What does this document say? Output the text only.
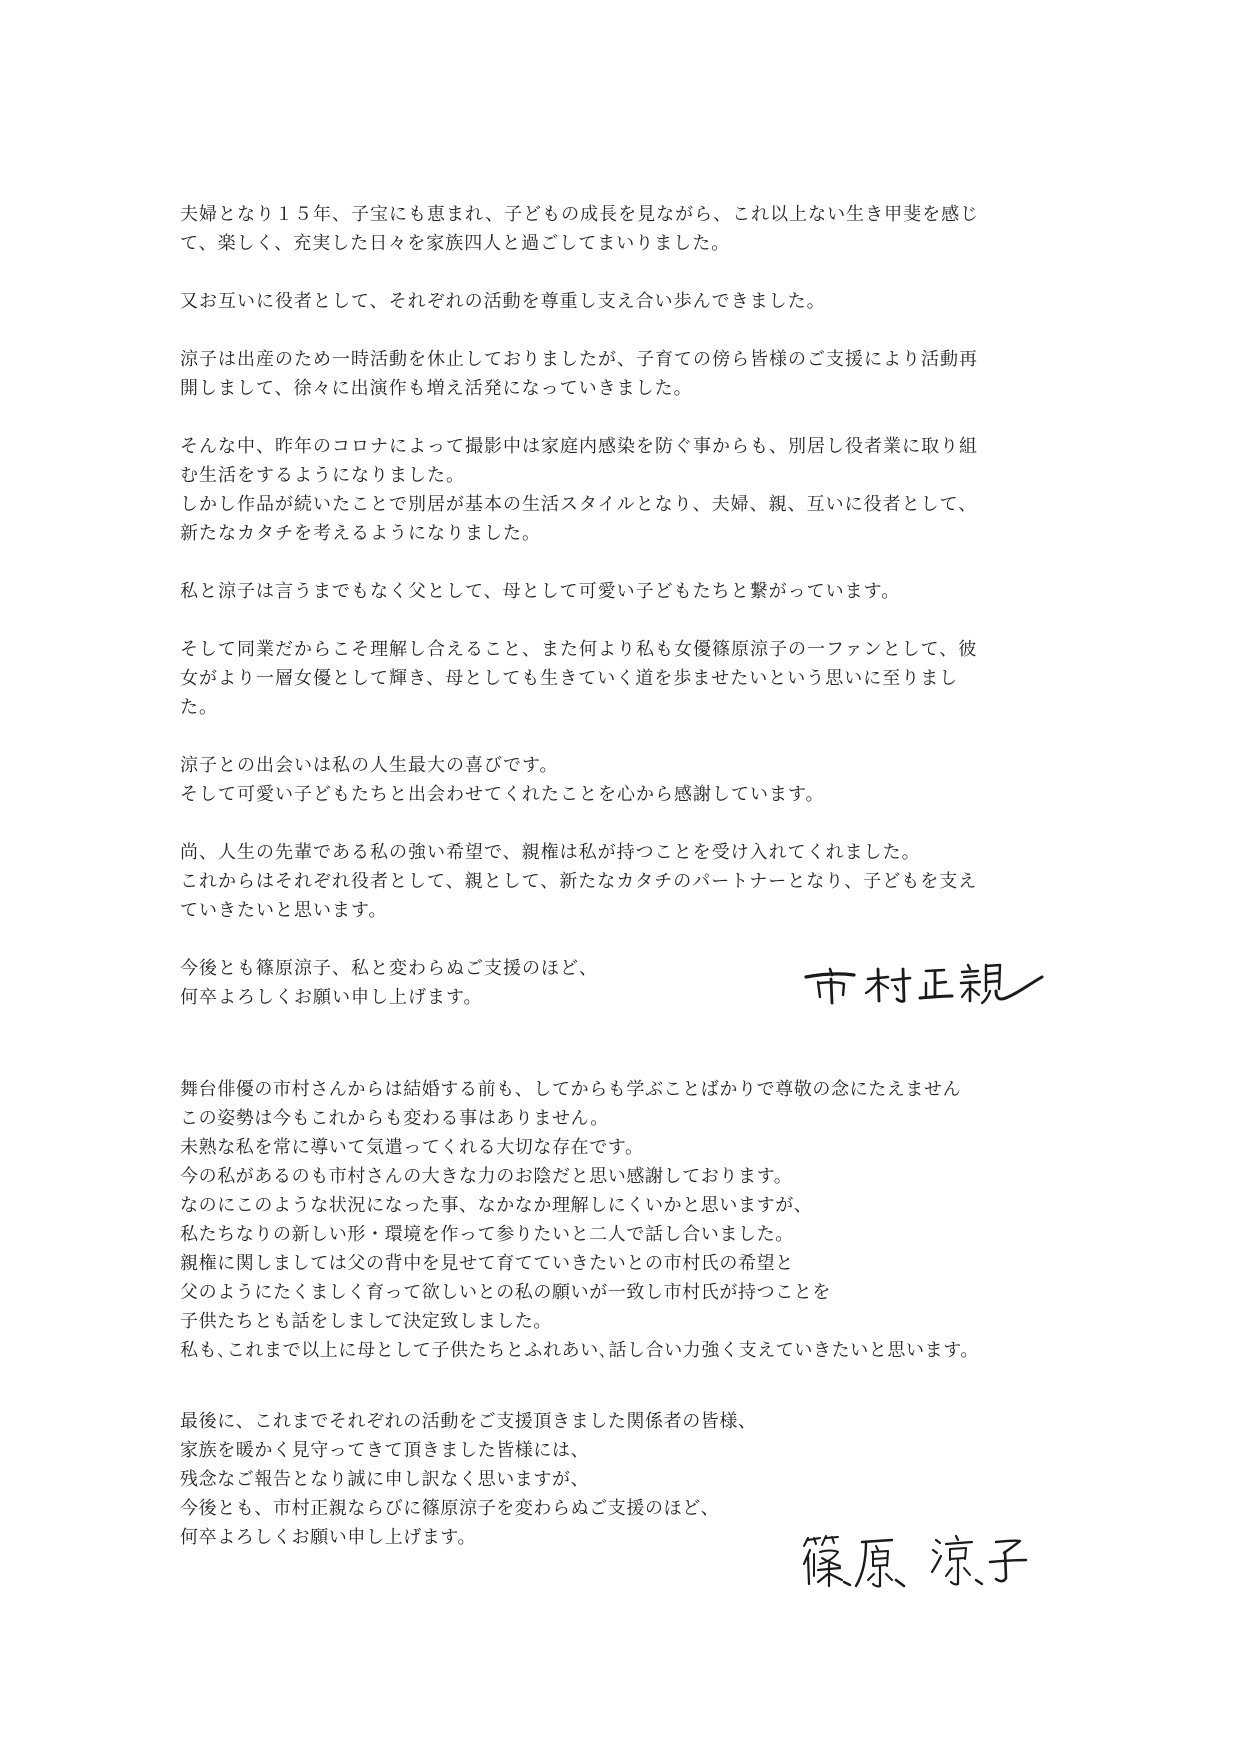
夫婦となり１５年、子宝にも恵まれ、子どもの成長を見ながら、これ以上ない生き甲斐を感じ
て、楽しく、充実した日々を家族四人と過ごしてまいりました。

又お互いに役者として、それぞれの活動を尊重し支え合い歩んできました。

涼子は出産のため一時活動を休止しておりましたが、子育ての傍ら皆様のご支援により活動再
開しまして、徐々に出演作も増え活発になっていきました。

そんな中、昨年のコロナによって撮影中は家庭内感染を防ぐ事からも、別居し役者業に取り組
む生活をするようになりました。
しかし作品が続いたことで別居が基本の生活スタイルとなり、夫婦、親、互いに役者として、
新たなカタチを考えるようになりました。

私と涼子は言うまでもなく父として、母として可愛い子どもたちと繋がっています。

そして同業だからこそ理解し合えること、また何より私も女優篠原涼子の一ファンとして、彼
女がより一層女優として輝き、母としても生きていく道を歩ませたいという思いに至りまし
た。

涼子との出会いは私の人生最大の喜びです。
そして可愛い子どもたちと出会わせてくれたことを心から感謝しています。

尚、人生の先輩である私の強い希望で、親権は私が持つことを受け入れてくれました。
これからはそれぞれ役者として、親として、新たなカタチのパートナーとなり、子どもを支え
ていきたいと思います。

今後とも篠原涼子、私と変わらぬご支援のほど、
何卒よろしくお願い申し上げます。

舞台俳優の市村さんからは結婚する前も、してからも学ぶことばかりで尊敬の念にたえません
この姿勢は今もこれからも変わる事はありません。
未熟な私を常に導いて気遣ってくれる大切な存在です。
今の私があるのも市村さんの大きな力のお陰だと思い感謝しております。
なのにこのような状況になった事、なかなか理解しにくいかと思いますが、
私たちなりの新しい形・環境を作って参りたいと二人で話し合いました。
親権に関しましては父の背中を見せて育てていきたいとの市村氏の希望と
父のようにたくましく育って欲しいとの私の願いが一致し市村氏が持つことを
子供たちとも話をしまして決定致しました。
私も､これまで以上に母として子供たちとふれあい､話し合い力強く支えていきたいと思います。

最後に、これまでそれぞれの活動をご支援頂きました関係者の皆様、
家族を暖かく見守ってきて頂きました皆様には、
残念なご報告となり誠に申し訳なく思いますが、
今後とも、市村正親ならびに篠原涼子を変わらぬご支援のほど、
何卒よろしくお願い申し上げます。
